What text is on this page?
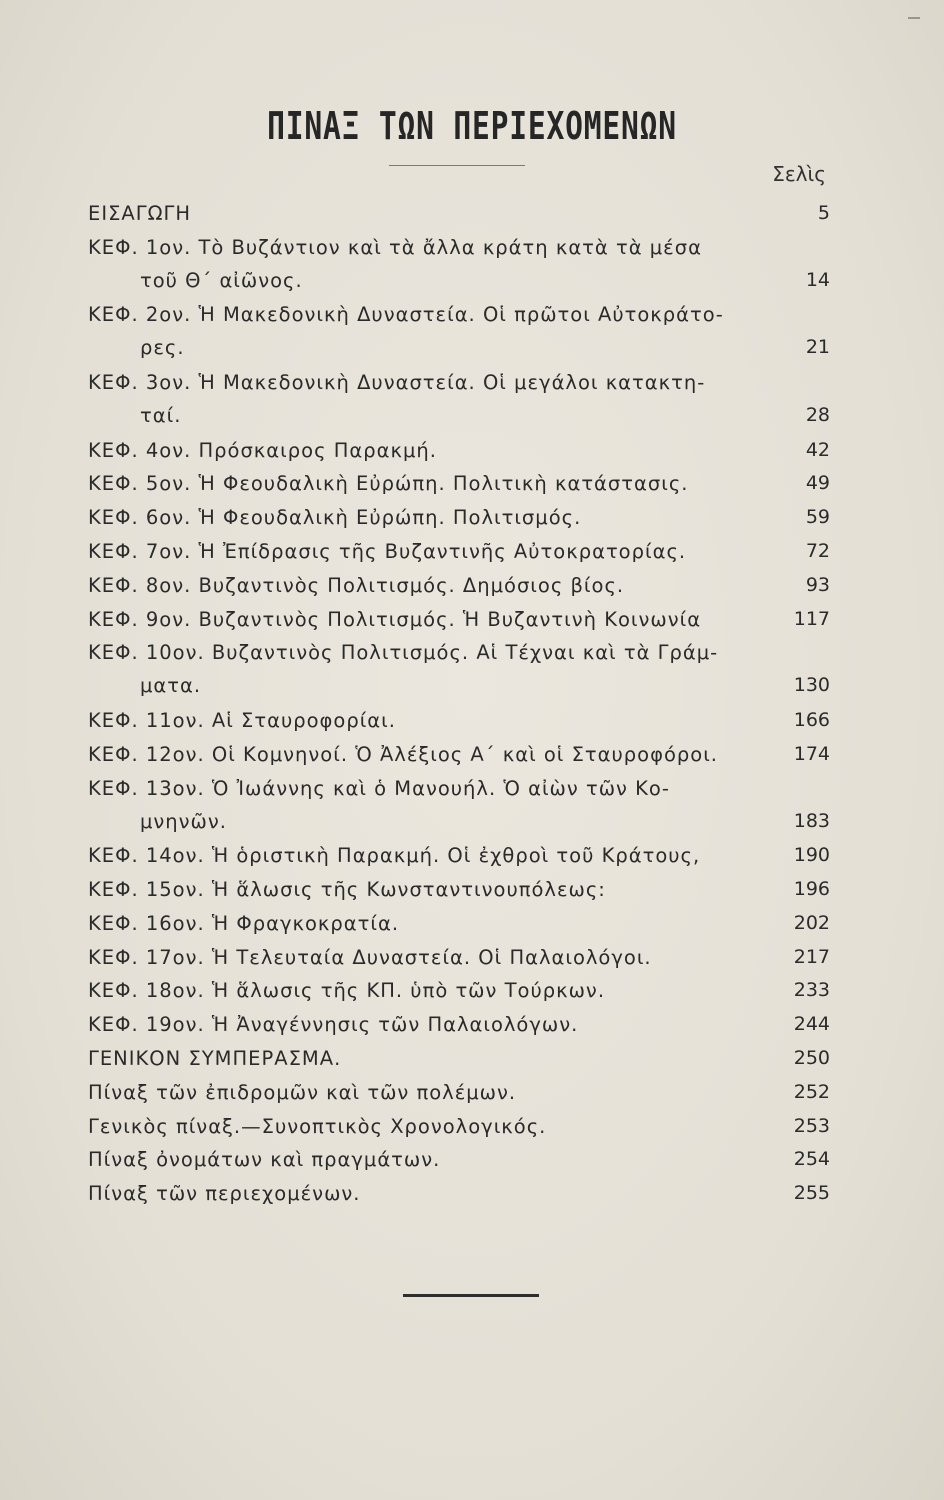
ΠΙΝΑΞ ΤΩΝ ΠΕΡΙΕΧΟΜΕΝΩΝ
Σελὶς
ΕΙΣΑΓΩΓΗ	5
ΚΕΦ. 1ον. Τὸ Βυζάντιον καὶ τὰ ἄλλα κράτη κατὰ τὰ μέσα
τοῦ Θ΄ αἰῶνος.	14
ΚΕΦ. 2ον. Ἡ Μακεδονικὴ Δυναστεία. Οἱ πρῶτοι Αὐτοκράτο-
ρες.	21
ΚΕΦ. 3ον. Ἡ Μακεδονικὴ Δυναστεία. Οἱ μεγάλοι κατακτη-
ταί.	28
ΚΕΦ. 4ον. Πρόσκαιρος Παρακμή.	42
ΚΕΦ. 5ον. Ἡ Φεουδαλικὴ Εὐρώπη. Πολιτικὴ κατάστασις.	49
ΚΕΦ. 6ον. Ἡ Φεουδαλικὴ Εὐρώπη. Πολιτισμός.	59
ΚΕΦ. 7ον. Ἡ Ἐπίδρασις τῆς Βυζαντινῆς Αὐτοκρατορίας.	72
ΚΕΦ. 8ον. Βυζαντινὸς Πολιτισμός. Δημόσιος βίος.	93
ΚΕΦ. 9ον. Βυζαντινὸς Πολιτισμός. Ἡ Βυζαντινὴ Κοινωνία	117
ΚΕΦ. 10ον. Βυζαντινὸς Πολιτισμός. Αἱ Τέχναι καὶ τὰ Γράμ-
ματα.	130
ΚΕΦ. 11ον. Αἱ Σταυροφορίαι.	166
ΚΕΦ. 12ον. Οἱ Κομνηνοί. Ὁ Ἀλέξιος Α΄ καὶ οἱ Σταυροφόροι.	174
ΚΕΦ. 13ον. Ὁ Ἰωάννης καὶ ὁ Μανουήλ. Ὁ αἰὼν τῶν Κο-
μνηνῶν.	183
ΚΕΦ. 14ον. Ἡ ὁριστικὴ Παρακμή. Οἱ ἐχθροὶ τοῦ Κράτους,	190
ΚΕΦ. 15ον. Ἡ ἅλωσις τῆς Κωνσταντινουπόλεως:	196
ΚΕΦ. 16ον. Ἡ Φραγκοκρατία.	202
ΚΕΦ. 17ον. Ἡ Τελευταία Δυναστεία. Οἱ Παλαιολόγοι.	217
ΚΕΦ. 18ον. Ἡ ἅλωσις τῆς ΚΠ. ὑπὸ τῶν Τούρκων.	233
ΚΕΦ. 19ον. Ἡ Ἀναγέννησις τῶν Παλαιολόγων.	244
ΓΕΝΙΚΟΝ ΣΥΜΠΕΡΑΣΜΑ.	250
Πίναξ τῶν ἐπιδρομῶν καὶ τῶν πολέμων.	252
Γενικὸς πίναξ.—Συνοπτικὸς Χρονολογικός.	253
Πίναξ ὀνομάτων καὶ πραγμάτων.	254
Πίναξ τῶν περιεχομένων.	255
